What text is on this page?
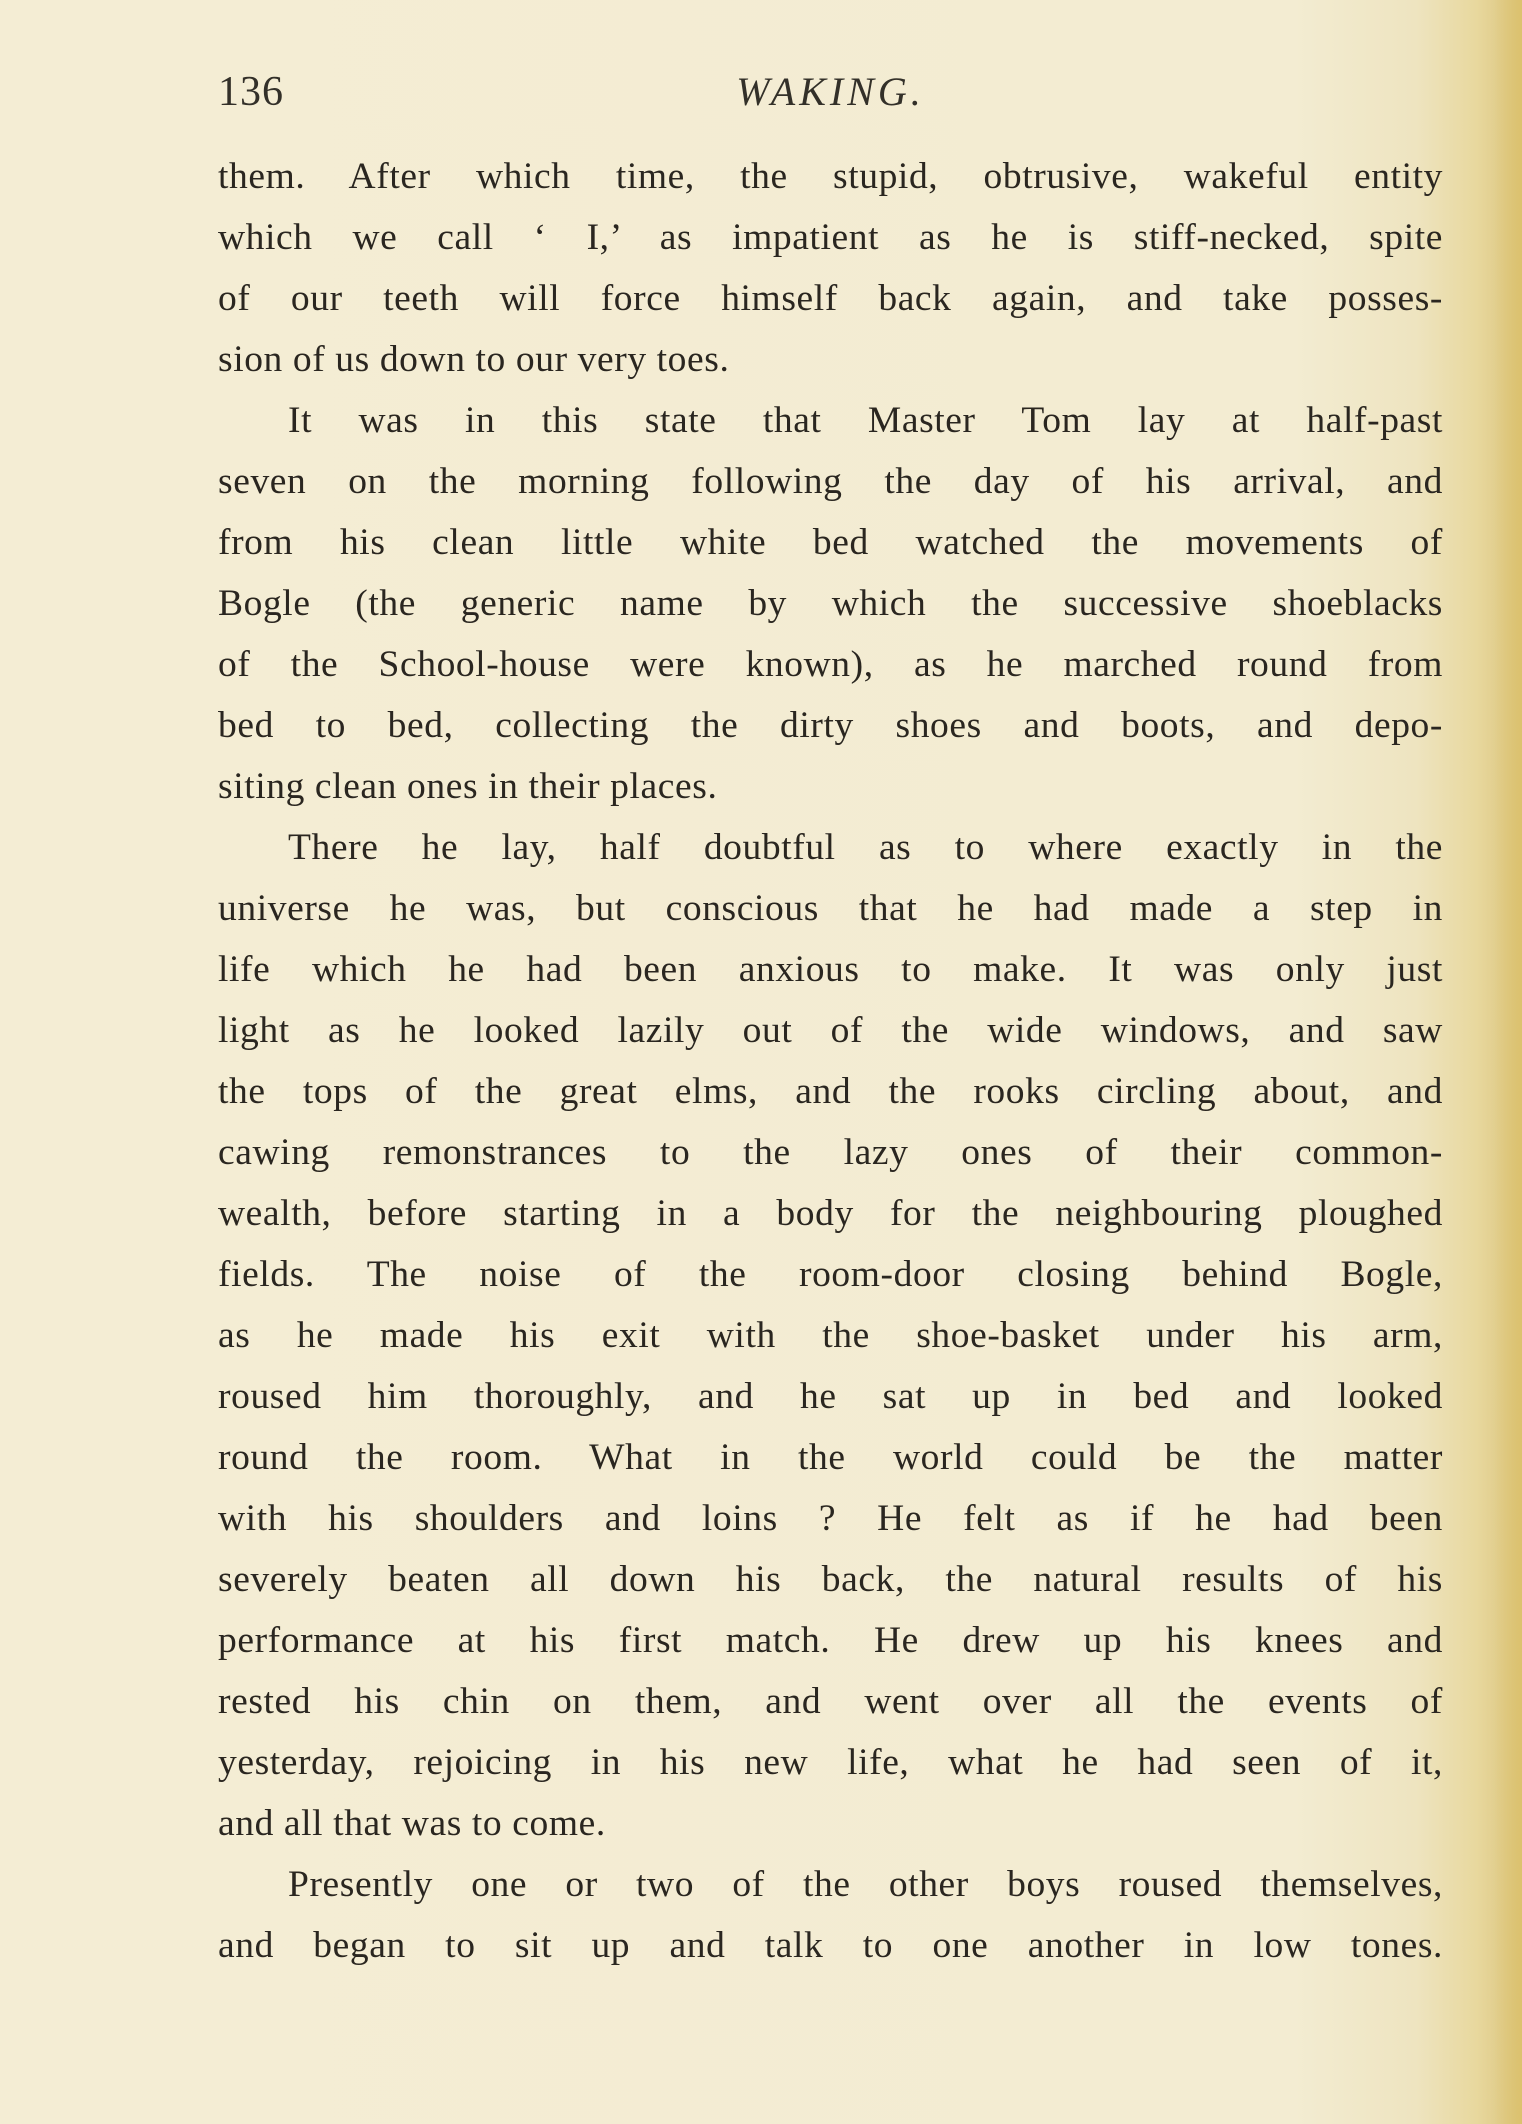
136	WAKING.
them. After which time, the stupid, obtrusive, wakeful entity
which we call ‘ I,’ as impatient as he is stiff-necked, spite
of our teeth will force himself back again, and take posses-
sion of us down to our very toes.
It was in this state that Master Tom lay at half-past
seven on the morning following the day of his arrival, and
from his clean little white bed watched the movements of
Bogle (the generic name by which the successive shoeblacks
of the School-house were known), as he marched round from
bed to bed, collecting the dirty shoes and boots, and depo-
siting clean ones in their places.
There he lay, half doubtful as to where exactly in the
universe he was, but conscious that he had made a step in
life which he had been anxious to make. It was only just
light as he looked lazily out of the wide windows, and saw
the tops of the great elms, and the rooks circling about, and
cawing remonstrances to the lazy ones of their common-
wealth, before starting in a body for the neighbouring ploughed
fields. The noise of the room-door closing behind Bogle,
as he made his exit with the shoe-basket under his arm,
roused him thoroughly, and he sat up in bed and looked
round the room. What in the world could be the matter
with his shoulders and loins ? He felt as if he had been
severely beaten all down his back, the natural results of his
performance at his first match. He drew up his knees and
rested his chin on them, and went over all the events of
yesterday, rejoicing in his new life, what he had seen of it,
and all that was to come.
Presently one or two of the other boys roused themselves,
and began to sit up and talk to one another in low tones.
